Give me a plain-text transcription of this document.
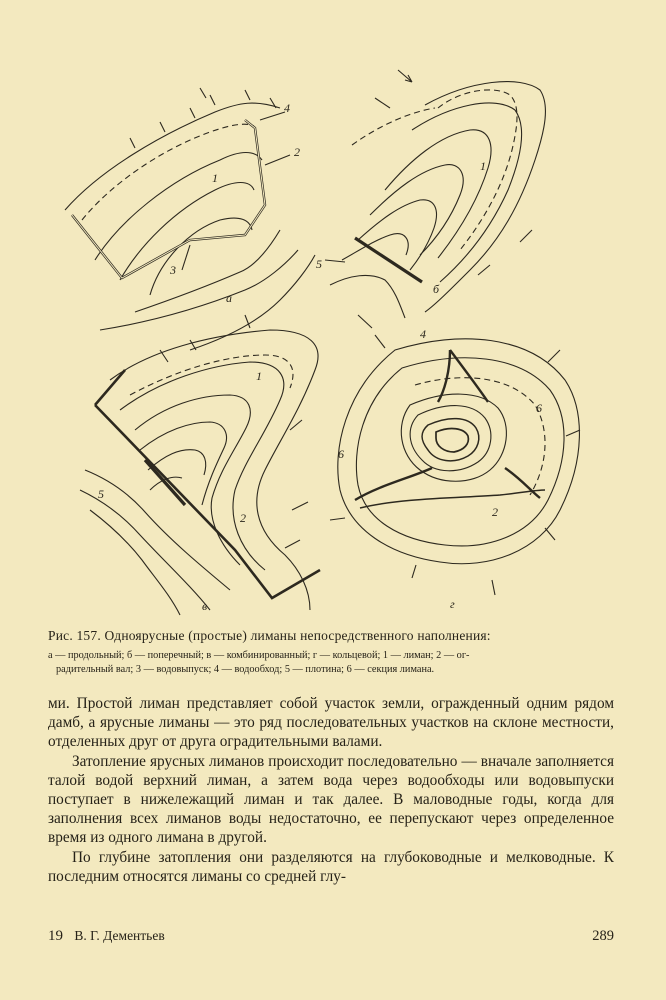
а
б
в	г
1
2
3
4
1
5
1
2
5
2
4
6
6
Рис. 157. Одноярусные (простые) лиманы непосредственного наполнения:
а — продольный; б — поперечный; в — комбинированный; г — кольцевой; 1 — лиман; 2 — ог-
радительный вал; 3 — водовыпуск; 4 — водообход; 5 — плотина; 6 — секция лимана.

ми. Простой лиман представляет собой участок земли, огражденный одним рядом дамб, а ярусные лиманы — это ряд последовательных участков на склоне местности, отделенных друг от друга оградительными валами.

Затопление ярусных лиманов происходит последовательно — вначале заполняется талой водой верхний лиман, а затем вода через водообходы или водовыпуски поступает в нижележащий лиман и так далее. В маловодные годы, когда для заполнения всех лиманов воды недостаточно, ее перепускают через определенное время из одного лимана в другой.

По глубине затопления они разделяются на глубоководные и мелководные. К последним относятся лиманы со средней глу-

19 В. Г. Дементьев	289
